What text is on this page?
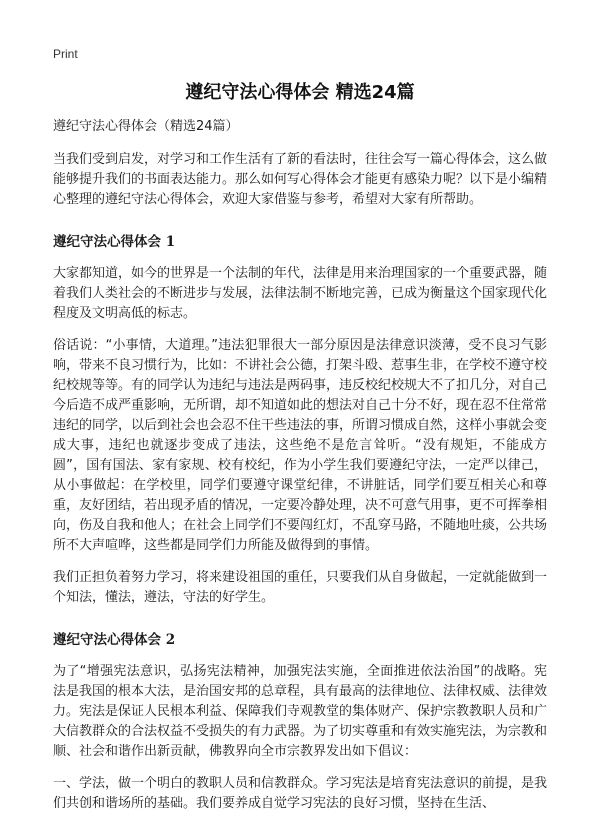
Print
遵纪守法心得体会 精选24篇

遵纪守法心得体会（精选24篇）

当我们受到启发，对学习和工作生活有了新的看法时，往往会写一篇心得体会，这么做能够提升我们的书面表达能力。那么如何写心得体会才能更有感染力呢？以下是小编精心整理的遵纪守法心得体会，欢迎大家借鉴与参考，希望对大家有所帮助。

遵纪守法心得体会 1

大家都知道，如今的世界是一个法制的年代，法律是用来治理国家的一个重要武器，随着我们人类社会的不断进步与发展，法律法制不断地完善，已成为衡量这个国家现代化程度及文明高低的标志。

俗话说：“小事情，大道理。”违法犯罪很大一部分原因是法律意识淡薄，受不良习气影响，带来不良习惯行为，比如：不讲社会公德，打架斗殴、惹事生非，在学校不遵守校纪校规等等。有的同学认为违纪与违法是两码事，违反校纪校规大不了扣几分，对自己今后造不成严重影响，无所谓，却不知道如此的想法对自己十分不好，现在忍不住常常违纪的同学，以后到社会也会忍不住干些违法的事，所谓习惯成自然，这样小事就会变成大事，违纪也就逐步变成了违法，这些绝不是危言耸听。“没有规矩，不能成方圆”，国有国法、家有家规、校有校纪，作为小学生我们要遵纪守法，一定严以律己，从小事做起：在学校里，同学们要遵守课堂纪律，不讲脏话，同学们要互相关心和尊重，友好团结，若出现矛盾的情况，一定要冷静处理，决不可意气用事，更不可挥拳相向，伤及自我和他人；在社会上同学们不要闯红灯，不乱穿马路，不随地吐痰，公共场所不大声喧哗，这些都是同学们力所能及做得到的事情。

我们正担负着努力学习，将来建设祖国的重任，只要我们从自身做起，一定就能做到一个知法，懂法，遵法，守法的好学生。

遵纪守法心得体会 2

为了“增强宪法意识，弘扬宪法精神，加强宪法实施，全面推进依法治国”的战略。宪法是我国的根本大法，是治国安邦的总章程，具有最高的法律地位、法律权威、法律效力。宪法是保证人民根本利益、保障我们寺观教堂的集体财产、保护宗教教职人员和广大信教群众的合法权益不受损失的有力武器。为了切实尊重和有效实施宪法，为宗教和顺、社会和谐作出新贡献，佛教界向全市宗教界发出如下倡议：

一、学法，做一个明白的教职人员和信教群众。学习宪法是培育宪法意识的前提，是我们共创和谐场所的基础。我们要养成自觉学习宪法的良好习惯，坚持在生活、
